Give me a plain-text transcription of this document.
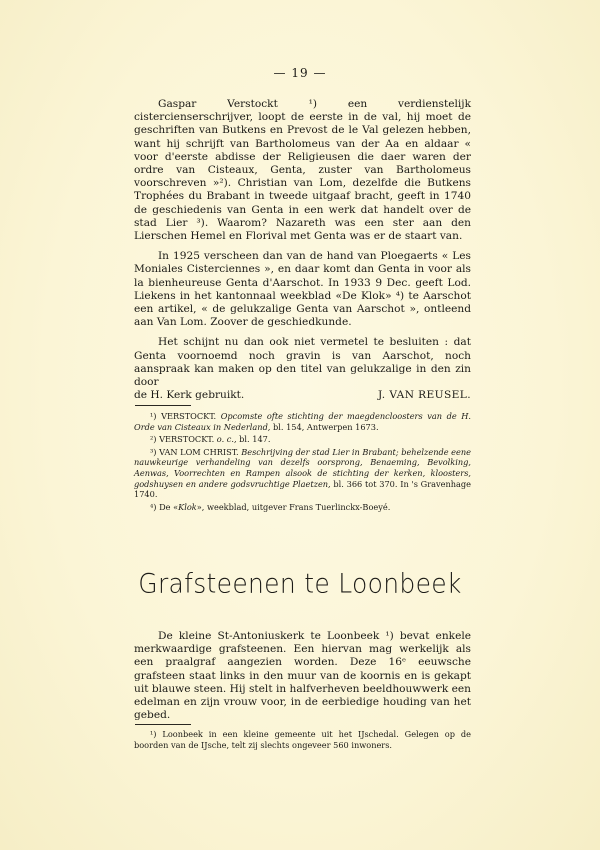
— 19 —

Gaspar Verstockt ¹) een verdienstelijk cistercienserschrijver, loopt de eerste in de val, hij moet de geschriften van Butkens en Prevost de le Val gelezen hebben, want hij schrijft van Bartholomeus van der Aa en aldaar « voor d'eerste abdisse der Religieusen die daer waren der ordre van Cisteaux, Genta, zuster van Bartholomeus voorschreven »²). Christian van Lom, dezelfde die Butkens Trophées du Brabant in tweede uitgaaf bracht, geeft in 1740 de geschiedenis van Genta in een werk dat handelt over de stad Lier ³). Waarom? Nazareth was een ster aan den Lierschen Hemel en Florival met Genta was er de staart van.

In 1925 verscheen dan van de hand van Ploegaerts « Les Moniales Cisterciennes », en daar komt dan Genta in voor als la bienheureuse Genta d'Aarschot. In 1933 9 Dec. geeft Lod. Liekens in het kantonnaal weekblad «De Klok» ⁴) te Aarschot een artikel, « de gelukzalige Genta van Aarschot », ontleend aan Van Lom. Zoover de geschiedkunde.

Het schijnt nu dan ook niet vermetel te besluiten : dat Genta voornoemd noch gravin is van Aarschot, noch aanspraak kan maken op den titel van gelukzalige in den zin door

de H. Kerk gebruikt.	J. VAN REUSEL.

¹) VERSTOCKT. Opcomste ofte stichting der maegdencloosters van de H. Orde van Cisteaux in Nederland, bl. 154, Antwerpen 1673.

²) VERSTOCKT. o. c., bl. 147.

³) VAN LOM CHRIST. Beschrijving der stad Lier in Brabant; behelzende eene nauwkeurige verhandeling van dezelfs oorsprong, Benaeming, Bevolking, Aenwas, Voorrechten en Rampen alsook de stichting der kerken, kloosters, godshuysen en andere godsvruchtige Plaetzen, bl. 366 tot 370. In 's Gravenhage 1740.

⁴) De «Klok», weekblad, uitgever Frans Tuerlinckx-Boeyé.

Grafsteenen te Loonbeek

De kleine St-Antoniuskerk te Loonbeek ¹) bevat enkele merkwaardige grafsteenen. Een hiervan mag werkelijk als een praalgraf aangezien worden. Deze 16ᵉ eeuwsche grafsteen staat links in den muur van de koornis en is gekapt uit blauwe steen. Hij stelt in halfverheven beeldhouwwerk een edelman en zijn vrouw voor, in de eerbiedige houding van het gebed.

¹) Loonbeek in een kleine gemeente uit het IJschedal. Gelegen op de boorden van de IJsche, telt zij slechts ongeveer 560 inwoners.
